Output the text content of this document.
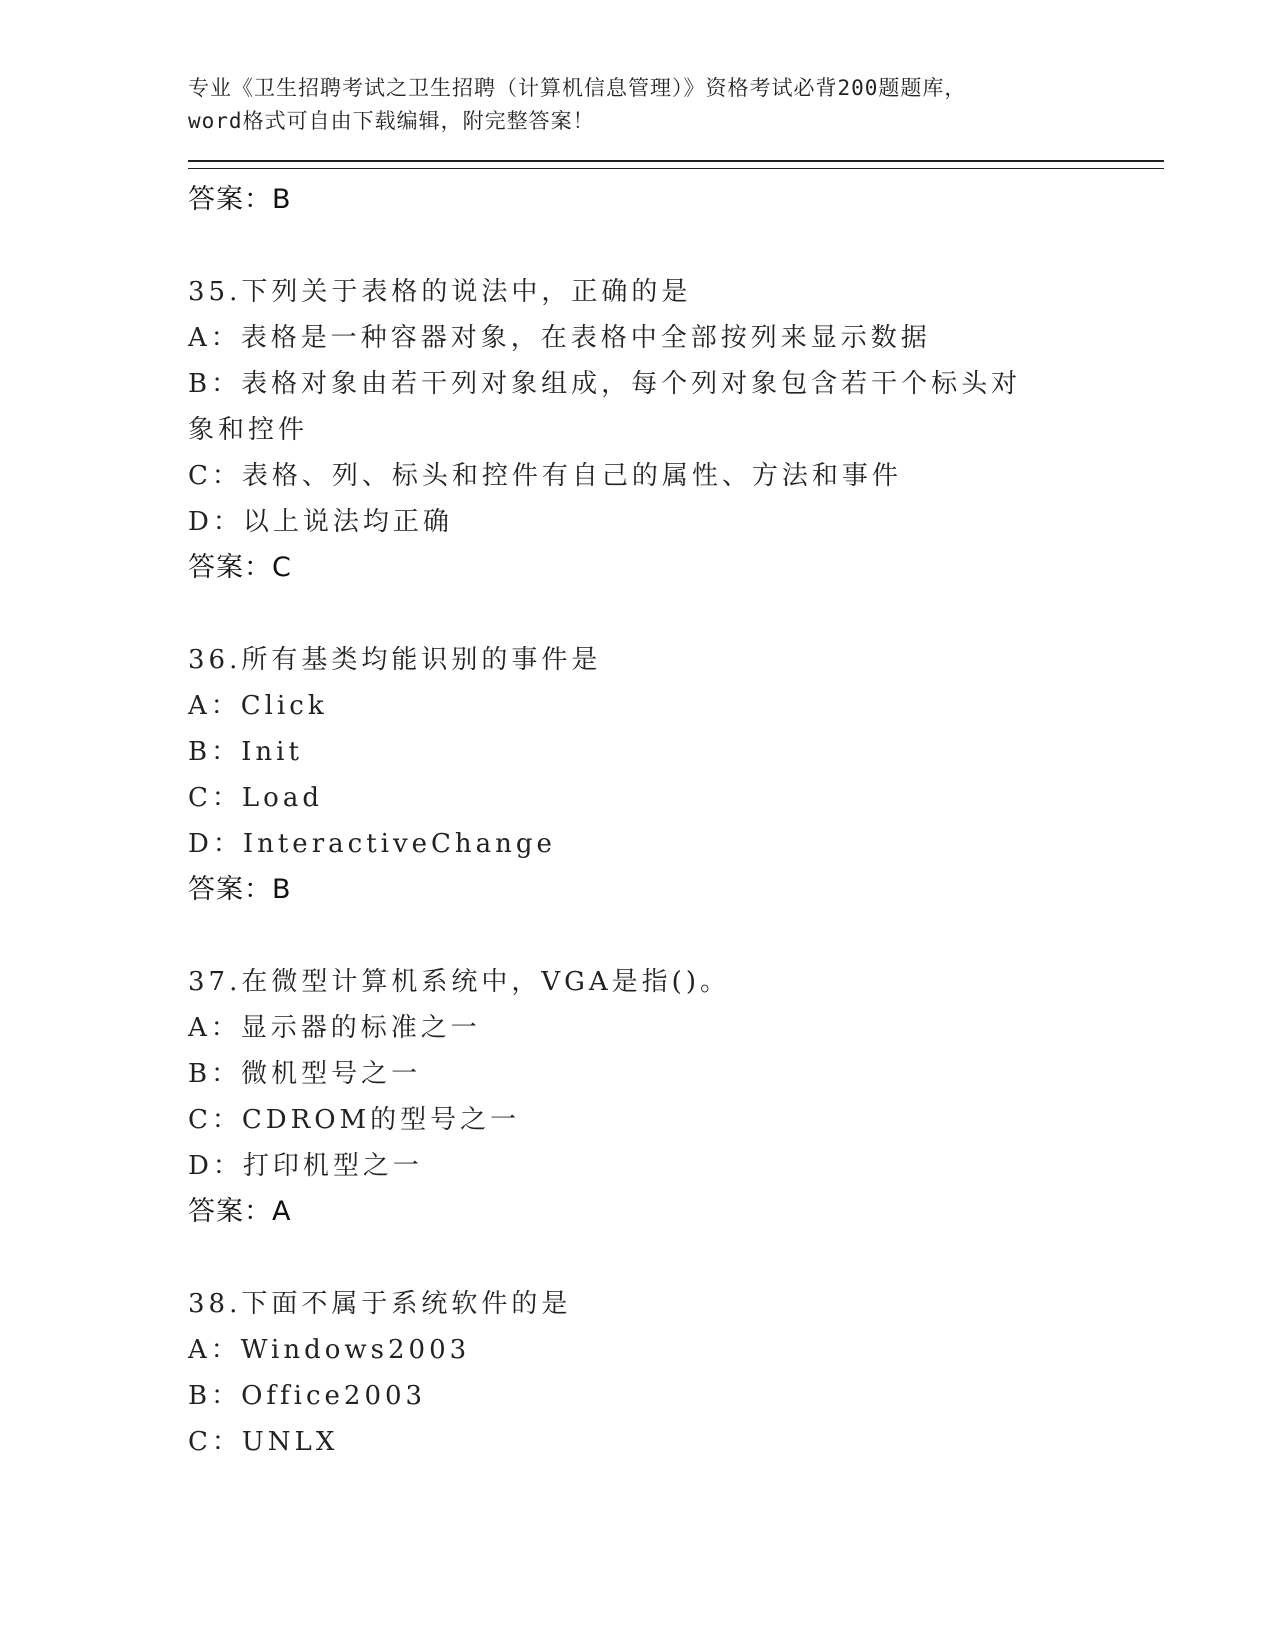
专业《卫生招聘考试之卫生招聘（计算机信息管理）》资格考试必背200题题库，
word格式可自由下载编辑，附完整答案！
答案：B
35.下列关于表格的说法中，正确的是
A：表格是一种容器对象，在表格中全部按列来显示数据
B：表格对象由若干列对象组成，每个列对象包含若干个标头对象和控件
C：表格、列、标头和控件有自己的属性、方法和事件
D：以上说法均正确
答案：C
36.所有基类均能识别的事件是
A：Click
B：Init
C：Load
D：InteractiveChange
答案：B
37.在微型计算机系统中，VGA是指()。
A：显示器的标准之一
B：微机型号之一
C：CDROM的型号之一
D：打印机型之一
答案：A
38.下面不属于系统软件的是
A：Windows2003
B：Office2003
C：UNLX
